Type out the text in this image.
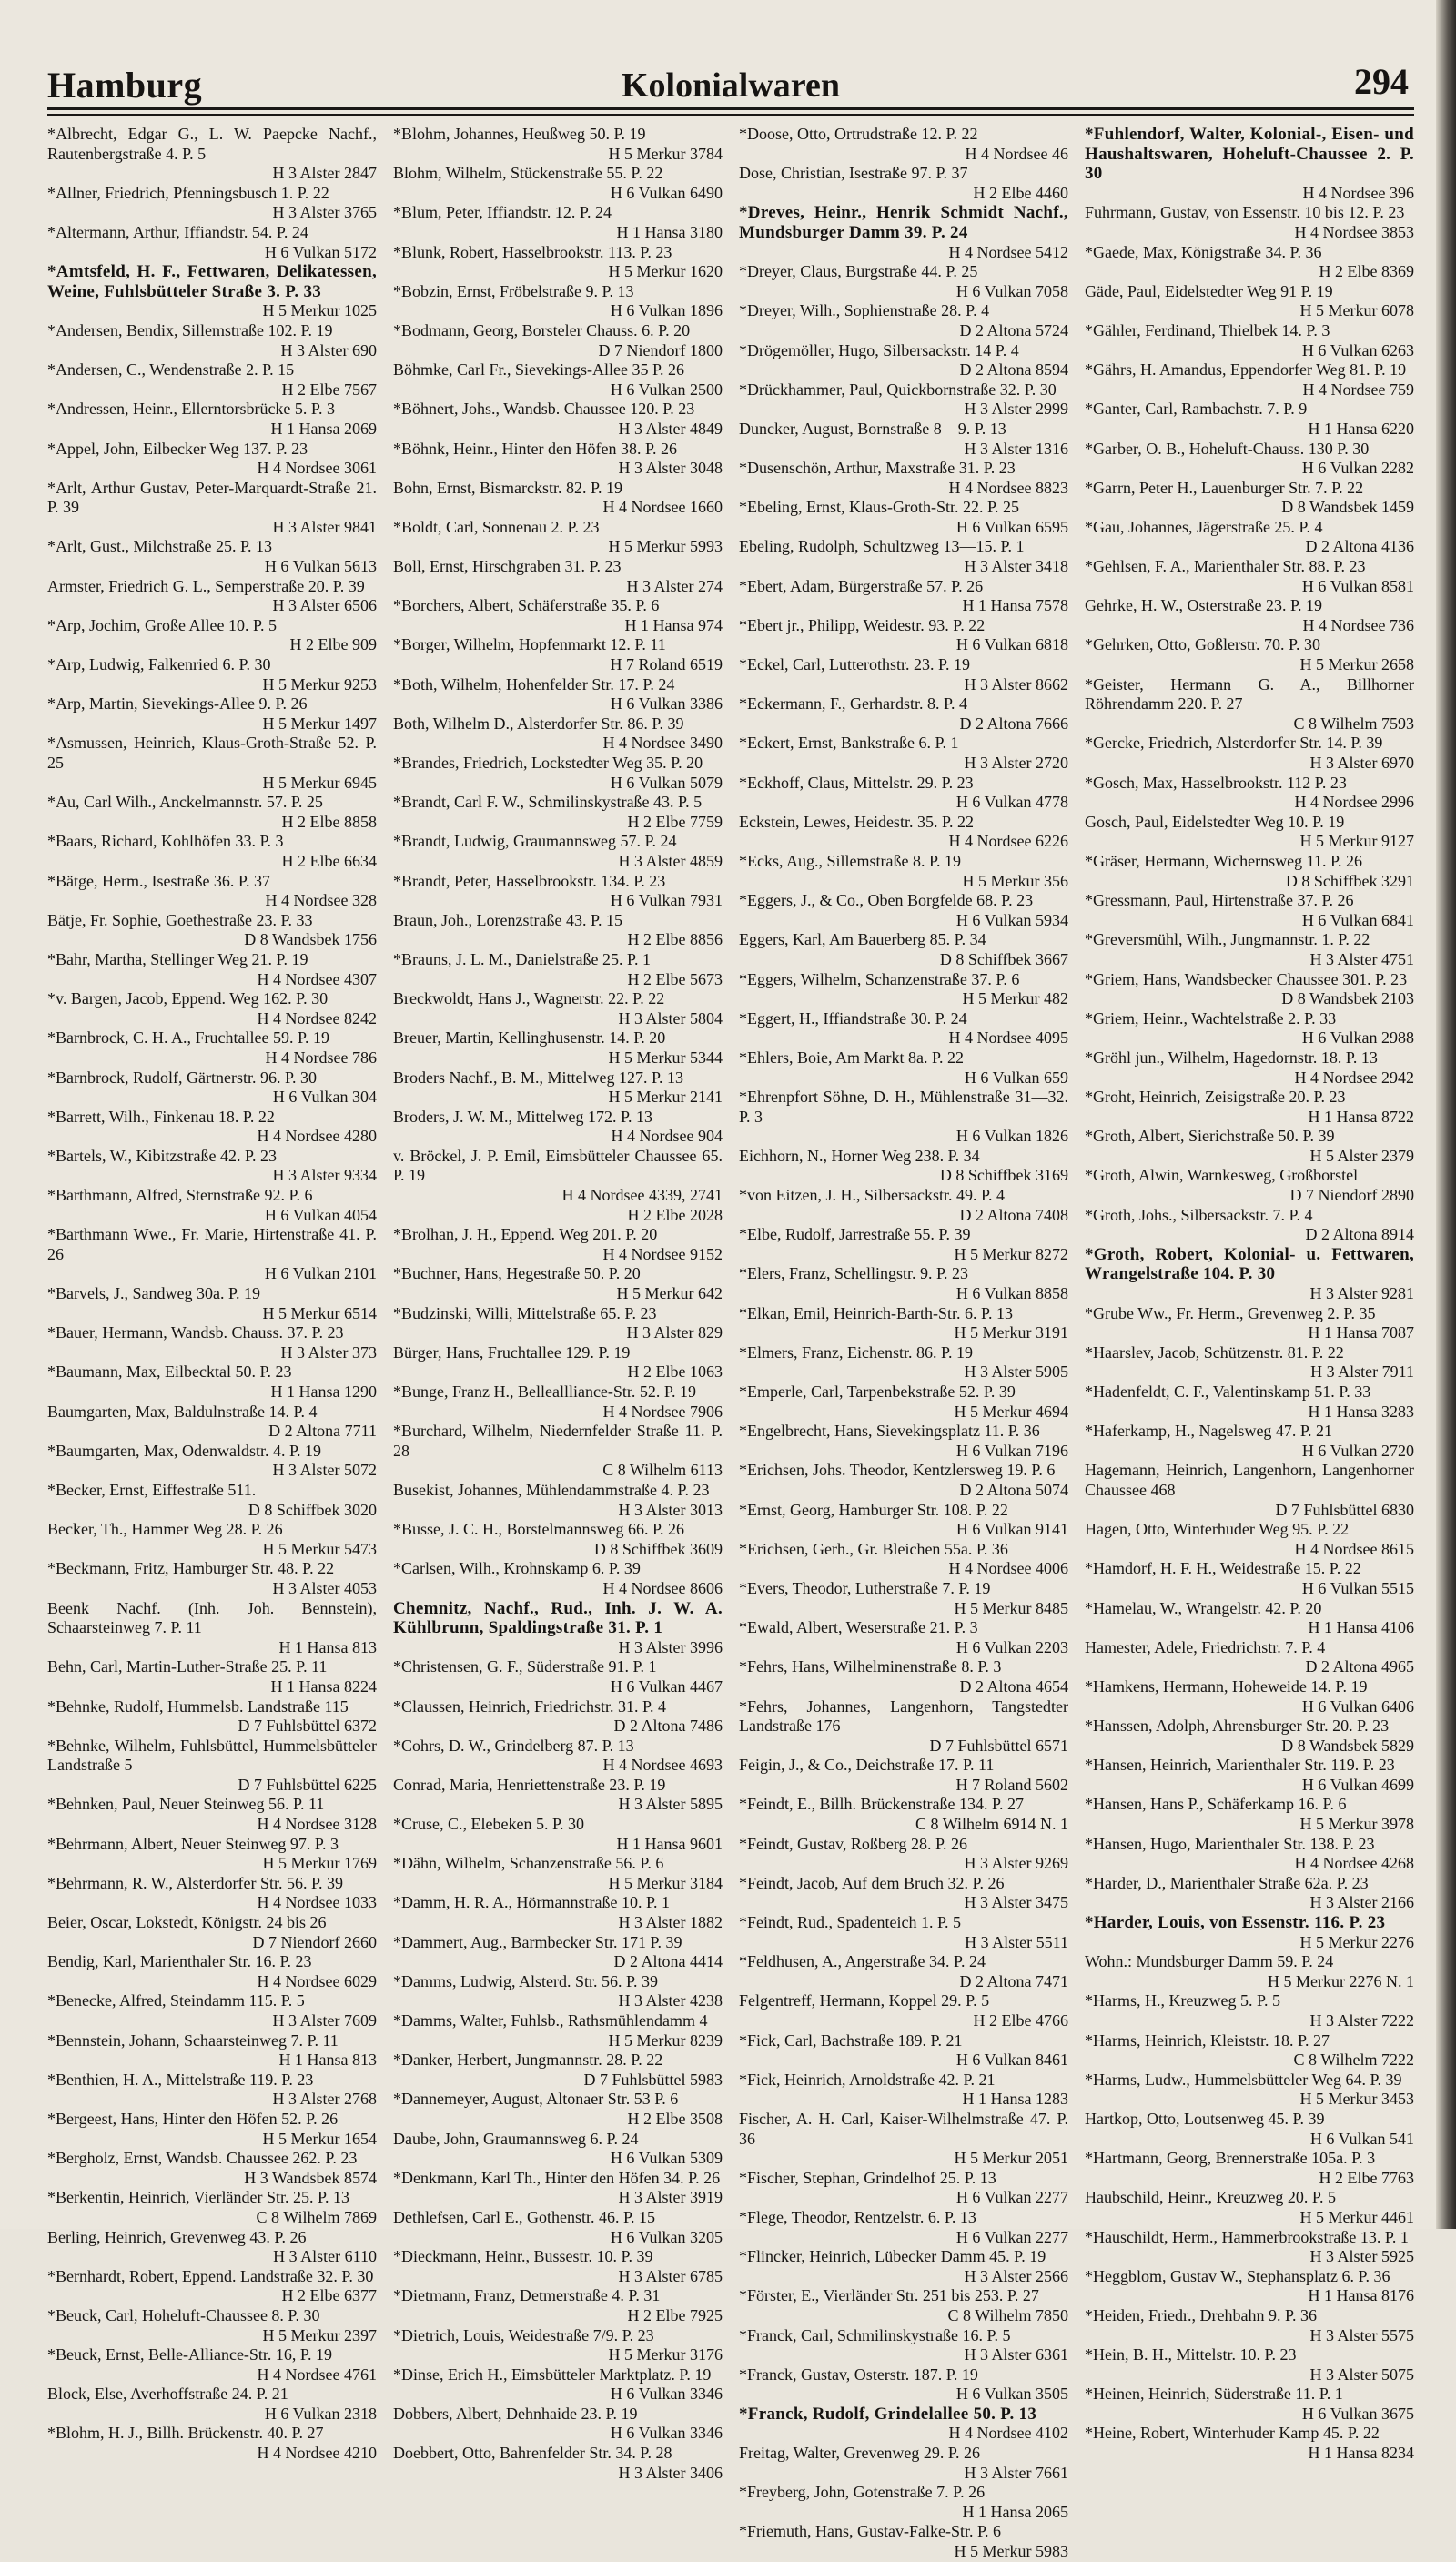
Hamburg	Kolonialwaren	294
*Albrecht, Edgar G., L. W. Paepcke Nachf., Rautenbergstraße 4. P. 5
H 3 Alster 2847
*Allner, Friedrich, Pfenningsbusch 1. P. 22
H 3 Alster 3765
*Altermann, Arthur, Iffiandstr. 54. P. 24
H 6 Vulkan 5172
*Amtsfeld, H. F., Fettwaren, Delikatessen, Weine, Fuhlsbütteler Straße 3. P. 33
H 5 Merkur 1025
*Andersen, Bendix, Sillemstraße 102. P. 19
H 3 Alster 690
*Andersen, C., Wendenstraße 2. P. 15
H 2 Elbe 7567
*Andressen, Heinr., Ellerntorsbrücke 5. P. 3
H 1 Hansa 2069
*Appel, John, Eilbecker Weg 137. P. 23
H 4 Nordsee 3061
*Arlt, Arthur Gustav, Peter-Marquardt-Straße 21. P. 39
H 3 Alster 9841
*Arlt, Gust., Milchstraße 25. P. 13
H 6 Vulkan 5613
Armster, Friedrich G. L., Semperstraße 20. P. 39
H 3 Alster 6506
*Arp, Jochim, Große Allee 10. P. 5
H 2 Elbe 909
*Arp, Ludwig, Falkenried 6. P. 30
H 5 Merkur 9253
*Arp, Martin, Sievekings-Allee 9. P. 26
H 5 Merkur 1497
*Asmussen, Heinrich, Klaus-Groth-Straße 52. P. 25
H 5 Merkur 6945
*Au, Carl Wilh., Anckelmannstr. 57. P. 25
H 2 Elbe 8858
*Baars, Richard, Kohlhöfen 33. P. 3
H 2 Elbe 6634
*Bätge, Herm., Isestraße 36. P. 37
H 4 Nordsee 328
Bätje, Fr. Sophie, Goethestraße 23. P. 33
D 8 Wandsbek 1756
*Bahr, Martha, Stellinger Weg 21. P. 19
H 4 Nordsee 4307
*v. Bargen, Jacob, Eppend. Weg 162. P. 30
H 4 Nordsee 8242
*Barnbrock, C. H. A., Fruchtallee 59. P. 19
H 4 Nordsee 786
*Barnbrock, Rudolf, Gärtnerstr. 96. P. 30
H 6 Vulkan 304
*Barrett, Wilh., Finkenau 18. P. 22
H 4 Nordsee 4280
*Bartels, W., Kibitzstraße 42. P. 23
H 3 Alster 9334
*Barthmann, Alfred, Sternstraße 92. P. 6
H 6 Vulkan 4054
*Barthmann Wwe., Fr. Marie, Hirtenstraße 41. P. 26
H 6 Vulkan 2101
*Barvels, J., Sandweg 30a. P. 19
H 5 Merkur 6514
*Bauer, Hermann, Wandsb. Chauss. 37. P. 23
H 3 Alster 373
*Baumann, Max, Eilbecktal 50. P. 23
H 1 Hansa 1290
Baumgarten, Max, Baldulnstraße 14. P. 4
D 2 Altona 7711
*Baumgarten, Max, Odenwaldstr. 4. P. 19
H 3 Alster 5072
*Becker, Ernst, Eiffestraße 511.
D 8 Schiffbek 3020
Becker, Th., Hammer Weg 28. P. 26
H 5 Merkur 5473
*Beckmann, Fritz, Hamburger Str. 48. P. 22
H 3 Alster 4053
Beenk Nachf. (Inh. Joh. Bennstein), Schaarsteinweg 7. P. 11
H 1 Hansa 813
Behn, Carl, Martin-Luther-Straße 25. P. 11
H 1 Hansa 8224
*Behnke, Rudolf, Hummelsb. Landstraße 115
D 7 Fuhlsbüttel 6372
*Behnke, Wilhelm, Fuhlsbüttel, Hummelsbütteler Landstraße 5
D 7 Fuhlsbüttel 6225
*Behnken, Paul, Neuer Steinweg 56. P. 11
H 4 Nordsee 3128
*Behrmann, Albert, Neuer Steinweg 97. P. 3
H 5 Merkur 1769
*Behrmann, R. W., Alsterdorfer Str. 56. P. 39
H 4 Nordsee 1033
Beier, Oscar, Lokstedt, Königstr. 24 bis 26
D 7 Niendorf 2660
Bendig, Karl, Marienthaler Str. 16. P. 23
H 4 Nordsee 6029
*Benecke, Alfred, Steindamm 115. P. 5
H 3 Alster 7609
*Bennstein, Johann, Schaarsteinweg 7. P. 11
H 1 Hansa 813
*Benthien, H. A., Mittelstraße 119. P. 23
H 3 Alster 2768
*Bergeest, Hans, Hinter den Höfen 52. P. 26
H 5 Merkur 1654
*Bergholz, Ernst, Wandsb. Chaussee 262. P. 23
H 3 Wandsbek 8574
*Berkentin, Heinrich, Vierländer Str. 25. P. 13
C 8 Wilhelm 7869
Berling, Heinrich, Grevenweg 43. P. 26
H 3 Alster 6110
*Bernhardt, Robert, Eppend. Landstraße 32. P. 30
H 2 Elbe 6377
*Beuck, Carl, Hoheluft-Chaussee 8. P. 30
H 5 Merkur 2397
*Beuck, Ernst, Belle-Alliance-Str. 16, P. 19
H 4 Nordsee 4761
Block, Else, Averhoffstraße 24. P. 21
H 6 Vulkan 2318
*Blohm, H. J., Billh. Brückenstr. 40. P. 27
H 4 Nordsee 4210
*Blohm, Johannes, Heußweg 50. P. 19
H 5 Merkur 3784
Blohm, Wilhelm, Stückenstraße 55. P. 22
H 6 Vulkan 6490
*Blum, Peter, Iffiandstr. 12. P. 24
H 1 Hansa 3180
*Blunk, Robert, Hasselbrookstr. 113. P. 23
H 5 Merkur 1620
*Bobzin, Ernst, Fröbelstraße 9. P. 13
H 6 Vulkan 1896
*Bodmann, Georg, Borsteler Chauss. 6. P. 20
D 7 Niendorf 1800
Böhmke, Carl Fr., Sievekings-Allee 35 P. 26
H 6 Vulkan 2500
*Böhnert, Johs., Wandsb. Chaussee 120. P. 23
H 3 Alster 4849
*Böhnk, Heinr., Hinter den Höfen 38. P. 26
H 3 Alster 3048
Bohn, Ernst, Bismarckstr. 82. P. 19
H 4 Nordsee 1660
*Boldt, Carl, Sonnenau 2. P. 23
H 5 Merkur 5993
Boll, Ernst, Hirschgraben 31. P. 23
H 3 Alster 274
*Borchers, Albert, Schäferstraße 35. P. 6
H 1 Hansa 974
*Borger, Wilhelm, Hopfenmarkt 12. P. 11
H 7 Roland 6519
*Both, Wilhelm, Hohenfelder Str. 17. P. 24
H 6 Vulkan 3386
Both, Wilhelm D., Alsterdorfer Str. 86. P. 39
H 4 Nordsee 3490
*Brandes, Friedrich, Lockstedter Weg 35. P. 20
H 6 Vulkan 5079
*Brandt, Carl F. W., Schmilinskystraße 43. P. 5
H 2 Elbe 7759
*Brandt, Ludwig, Graumannsweg 57. P. 24
H 3 Alster 4859
*Brandt, Peter, Hasselbrookstr. 134. P. 23
H 6 Vulkan 7931
Braun, Joh., Lorenzstraße 43. P. 15
H 2 Elbe 8856
*Brauns, J. L. M., Danielstraße 25. P. 1
H 2 Elbe 5673
Breckwoldt, Hans J., Wagnerstr. 22. P. 22
H 3 Alster 5804
Breuer, Martin, Kellinghusenstr. 14. P. 20
H 5 Merkur 5344
Broders Nachf., B. M., Mittelweg 127. P. 13
H 5 Merkur 2141
Broders, J. W. M., Mittelweg 172. P. 13
H 4 Nordsee 904
v. Bröckel, J. P. Emil, Eimsbütteler Chaussee 65. P. 19
H 4 Nordsee 4339, 2741
H 2 Elbe 2028
*Brolhan, J. H., Eppend. Weg 201. P. 20
H 4 Nordsee 9152
*Buchner, Hans, Hegestraße 50. P. 20
H 5 Merkur 642
*Budzinski, Willi, Mittelstraße 65. P. 23
H 3 Alster 829
Bürger, Hans, Fruchtallee 129. P. 19
H 2 Elbe 1063
*Bunge, Franz H., Belleallliance-Str. 52. P. 19
H 4 Nordsee 7906
*Burchard, Wilhelm, Niedernfelder Straße 11. P. 28
C 8 Wilhelm 6113
Busekist, Johannes, Mühlendammstraße 4. P. 23
H 3 Alster 3013
*Busse, J. C. H., Borstelmannsweg 66. P. 26
D 8 Schiffbek 3609
*Carlsen, Wilh., Krohnskamp 6. P. 39
H 4 Nordsee 8606
Chemnitz, Nachf., Rud., Inh. J. W. A. Kühlbrunn, Spaldingstraße 31. P. 1
H 3 Alster 3996
*Christensen, G. F., Süderstraße 91. P. 1
H 6 Vulkan 4467
*Claussen, Heinrich, Friedrichstr. 31. P. 4
D 2 Altona 7486
*Cohrs, D. W., Grindelberg 87. P. 13
H 4 Nordsee 4693
Conrad, Maria, Henriettenstraße 23. P. 19
H 3 Alster 5895
*Cruse, C., Elebeken 5. P. 30
H 1 Hansa 9601
*Dähn, Wilhelm, Schanzenstraße 56. P. 6
H 5 Merkur 3184
*Damm, H. R. A., Hörmannstraße 10. P. 1
H 3 Alster 1882
*Dammert, Aug., Barmbecker Str. 171 P. 39
D 2 Altona 4414
*Damms, Ludwig, Alsterd. Str. 56. P. 39
H 3 Alster 4238
*Damms, Walter, Fuhlsb., Rathsmühlendamm 4
H 5 Merkur 8239
*Danker, Herbert, Jungmannstr. 28. P. 22
D 7 Fuhlsbüttel 5983
*Dannemeyer, August, Altonaer Str. 53 P. 6
H 2 Elbe 3508
Daube, John, Graumannsweg 6. P. 24
H 6 Vulkan 5309
*Denkmann, Karl Th., Hinter den Höfen 34. P. 26
H 3 Alster 3919
Dethlefsen, Carl E., Gothenstr. 46. P. 15
H 6 Vulkan 3205
*Dieckmann, Heinr., Bussestr. 10. P. 39
H 3 Alster 6785
*Dietmann, Franz, Detmerstraße 4. P. 31
H 2 Elbe 7925
*Dietrich, Louis, Weidestraße 7/9. P. 23
H 5 Merkur 3176
*Dinse, Erich H., Eimsbütteler Marktplatz. P. 19
H 6 Vulkan 3346
Dobbers, Albert, Dehnhaide 23. P. 19
H 6 Vulkan 3346
Doebbert, Otto, Bahrenfelder Str. 34. P. 28
H 3 Alster 3406
*Doose, Otto, Ortrudstraße 12. P. 22
H 4 Nordsee 46
Dose, Christian, Isestraße 97. P. 37
H 2 Elbe 4460
*Dreves, Heinr., Henrik Schmidt Nachf., Mundsburger Damm 39. P. 24
H 4 Nordsee 5412
*Dreyer, Claus, Burgstraße 44. P. 25
H 6 Vulkan 7058
*Dreyer, Wilh., Sophienstraße 28. P. 4
D 2 Altona 5724
*Drögemöller, Hugo, Silbersackstr. 14 P. 4
D 2 Altona 8594
*Drückhammer, Paul, Quickbornstraße 32. P. 30
H 3 Alster 2999
Duncker, August, Bornstraße 8—9. P. 13
H 3 Alster 1316
*Dusenschön, Arthur, Maxstraße 31. P. 23
H 4 Nordsee 8823
*Ebeling, Ernst, Klaus-Groth-Str. 22. P. 25
H 6 Vulkan 6595
Ebeling, Rudolph, Schultzweg 13—15. P. 1
H 3 Alster 3418
*Ebert, Adam, Bürgerstraße 57. P. 26
H 1 Hansa 7578
*Ebert jr., Philipp, Weidestr. 93. P. 22
H 6 Vulkan 6818
*Eckel, Carl, Lutterothstr. 23. P. 19
H 3 Alster 8662
*Eckermann, F., Gerhardstr. 8. P. 4
D 2 Altona 7666
*Eckert, Ernst, Bankstraße 6. P. 1
H 3 Alster 2720
*Eckhoff, Claus, Mittelstr. 29. P. 23
H 6 Vulkan 4778
Eckstein, Lewes, Heidestr. 35. P. 22
H 4 Nordsee 6226
*Ecks, Aug., Sillemstraße 8. P. 19
H 5 Merkur 356
*Eggers, J., & Co., Oben Borgfelde 68. P. 23
H 6 Vulkan 5934
Eggers, Karl, Am Bauerberg 85. P. 34
D 8 Schiffbek 3667
*Eggers, Wilhelm, Schanzenstraße 37. P. 6
H 5 Merkur 482
*Eggert, H., Iffiandstraße 30. P. 24
H 4 Nordsee 4095
*Ehlers, Boie, Am Markt 8a. P. 22
H 6 Vulkan 659
*Ehrenpfort Söhne, D. H., Mühlenstraße 31—32. P. 3
H 6 Vulkan 1826
Eichhorn, N., Horner Weg 238. P. 34
D 8 Schiffbek 3169
*von Eitzen, J. H., Silbersackstr. 49. P. 4
D 2 Altona 7408
*Elbe, Rudolf, Jarrestraße 55. P. 39
H 5 Merkur 8272
*Elers, Franz, Schellingstr. 9. P. 23
H 6 Vulkan 8858
*Elkan, Emil, Heinrich-Barth-Str. 6. P. 13
H 5 Merkur 3191
*Elmers, Franz, Eichenstr. 86. P. 19
H 3 Alster 5905
*Emperle, Carl, Tarpenbekstraße 52. P. 39
H 5 Merkur 4694
*Engelbrecht, Hans, Sievekingsplatz 11. P. 36
H 6 Vulkan 7196
*Erichsen, Johs. Theodor, Kentzlersweg 19. P. 6
D 2 Altona 5074
*Ernst, Georg, Hamburger Str. 108. P. 22
H 6 Vulkan 9141
*Erichsen, Gerh., Gr. Bleichen 55a. P. 36
H 4 Nordsee 4006
*Evers, Theodor, Lutherstraße 7. P. 19
H 5 Merkur 8485
*Ewald, Albert, Weserstraße 21. P. 3
H 6 Vulkan 2203
*Fehrs, Hans, Wilhelminenstraße 8. P. 3
D 2 Altona 4654
*Fehrs, Johannes, Langenhorn, Tangstedter Landstraße 176
D 7 Fuhlsbüttel 6571
Feigin, J., & Co., Deichstraße 17. P. 11
H 7 Roland 5602
*Feindt, E., Billh. Brückenstraße 134. P. 27
C 8 Wilhelm 6914 N. 1
*Feindt, Gustav, Roßberg 28. P. 26
H 3 Alster 9269
*Feindt, Jacob, Auf dem Bruch 32. P. 26
H 3 Alster 3475
*Feindt, Rud., Spadenteich 1. P. 5
H 3 Alster 5511
*Feldhusen, A., Angerstraße 34. P. 24
D 2 Altona 7471
Felgentreff, Hermann, Koppel 29. P. 5
H 2 Elbe 4766
*Fick, Carl, Bachstraße 189. P. 21
H 6 Vulkan 8461
*Fick, Heinrich, Arnoldstraße 42. P. 21
H 1 Hansa 1283
Fischer, A. H. Carl, Kaiser-Wilhelmstraße 47. P. 36
H 5 Merkur 2051
*Fischer, Stephan, Grindelhof 25. P. 13
H 6 Vulkan 2277
*Flege, Theodor, Rentzelstr. 6. P. 13
H 6 Vulkan 2277
*Flincker, Heinrich, Lübecker Damm 45. P. 19
H 3 Alster 2566
*Förster, E., Vierländer Str. 251 bis 253. P. 27
C 8 Wilhelm 7850
*Franck, Carl, Schmilinskystraße 16. P. 5
H 3 Alster 6361
*Franck, Gustav, Osterstr. 187. P. 19
H 6 Vulkan 3505
*Franck, Rudolf, Grindelallee 50. P. 13
H 4 Nordsee 4102
Freitag, Walter, Grevenweg 29. P. 26
H 3 Alster 7661
*Freyberg, John, Gotenstraße 7. P. 26
H 1 Hansa 2065
*Friemuth, Hans, Gustav-Falke-Str. P. 6
H 5 Merkur 5983
*Fuhlendorf, Walter, Kolonial-, Eisen- und Haushaltswaren, Hoheluft-Chaussee 2. P. 30
H 4 Nordsee 396
Fuhrmann, Gustav, von Essenstr. 10 bis 12. P. 23
H 4 Nordsee 3853
*Gaede, Max, Königstraße 34. P. 36
H 2 Elbe 8369
Gäde, Paul, Eidelstedter Weg 91 P. 19
H 5 Merkur 6078
*Gähler, Ferdinand, Thielbek 14. P. 3
H 6 Vulkan 6263
*Gährs, H. Amandus, Eppendorfer Weg 81. P. 19
H 4 Nordsee 759
*Ganter, Carl, Rambachstr. 7. P. 9
H 1 Hansa 6220
*Garber, O. B., Hoheluft-Chauss. 130 P. 30
H 6 Vulkan 2282
*Garrn, Peter H., Lauenburger Str. 7. P. 22
D 8 Wandsbek 1459
*Gau, Johannes, Jägerstraße 25. P. 4
D 2 Altona 4136
*Gehlsen, F. A., Marienthaler Str. 88. P. 23
H 6 Vulkan 8581
Gehrke, H. W., Osterstraße 23. P. 19
H 4 Nordsee 736
*Gehrken, Otto, Goßlerstr. 70. P. 30
H 5 Merkur 2658
*Geister, Hermann G. A., Billhorner Röhrendamm 220. P. 27
C 8 Wilhelm 7593
*Gercke, Friedrich, Alsterdorfer Str. 14. P. 39
H 3 Alster 6970
*Gosch, Max, Hasselbrookstr. 112 P. 23
H 4 Nordsee 2996
Gosch, Paul, Eidelstedter Weg 10. P. 19
H 5 Merkur 9127
*Gräser, Hermann, Wichernsweg 11. P. 26
D 8 Schiffbek 3291
*Gressmann, Paul, Hirtenstraße 37. P. 26
H 6 Vulkan 6841
*Greversmühl, Wilh., Jungmannstr. 1. P. 22
H 3 Alster 4751
*Griem, Hans, Wandsbecker Chaussee 301. P. 23
D 8 Wandsbek 2103
*Griem, Heinr., Wachtelstraße 2. P. 33
H 6 Vulkan 2988
*Gröhl jun., Wilhelm, Hagedornstr. 18. P. 13
H 4 Nordsee 2942
*Groht, Heinrich, Zeisigstraße 20. P. 23
H 1 Hansa 8722
*Groth, Albert, Sierichstraße 50. P. 39
H 5 Alster 2379
*Groth, Alwin, Warnkesweg, Großborstel
D 7 Niendorf 2890
*Groth, Johs., Silbersackstr. 7. P. 4
D 2 Altona 8914
*Groth, Robert, Kolonial- u. Fettwaren, Wrangelstraße 104. P. 30
H 3 Alster 9281
*Grube Ww., Fr. Herm., Grevenweg 2. P. 35
H 1 Hansa 7087
*Haarslev, Jacob, Schützenstr. 81. P. 22
H 3 Alster 7911
*Hadenfeldt, C. F., Valentinskamp 51. P. 33
H 1 Hansa 3283
*Haferkamp, H., Nagelsweg 47. P. 21
H 6 Vulkan 2720
Hagemann, Heinrich, Langenhorn, Langenhorner Chaussee 468
D 7 Fuhlsbüttel 6830
Hagen, Otto, Winterhuder Weg 95. P. 22
H 4 Nordsee 8615
*Hamdorf, H. F. H., Weidestraße 15. P. 22
H 6 Vulkan 5515
*Hamelau, W., Wrangelstr. 42. P. 20
H 1 Hansa 4106
Hamester, Adele, Friedrichstr. 7. P. 4
D 2 Altona 4965
*Hamkens, Hermann, Hoheweide 14. P. 19
H 6 Vulkan 6406
*Hanssen, Adolph, Ahrensburger Str. 20. P. 23
D 8 Wandsbek 5829
*Hansen, Heinrich, Marienthaler Str. 119. P. 23
H 6 Vulkan 4699
*Hansen, Hans P., Schäferkamp 16. P. 6
H 5 Merkur 3978
*Hansen, Hugo, Marienthaler Str. 138. P. 23
H 4 Nordsee 4268
*Harder, D., Marienthaler Straße 62a. P. 23
H 3 Alster 2166
*Harder, Louis, von Essenstr. 116. P. 23
H 5 Merkur 2276
Wohn.: Mundsburger Damm 59. P. 24
H 5 Merkur 2276 N. 1
*Harms, H., Kreuzweg 5. P. 5
H 3 Alster 7222
*Harms, Heinrich, Kleiststr. 18. P. 27
C 8 Wilhelm 7222
*Harms, Ludw., Hummelsbütteler Weg 64. P. 39
H 5 Merkur 3453
Hartkop, Otto, Loutsenweg 45. P. 39
H 6 Vulkan 541
*Hartmann, Georg, Brennerstraße 105a. P. 3
H 2 Elbe 7763
Haubschild, Heinr., Kreuzweg 20. P. 5
H 5 Merkur 4461
*Hauschildt, Herm., Hammerbrookstraße 13. P. 1
H 3 Alster 5925
*Heggblom, Gustav W., Stephansplatz 6. P. 36
H 1 Hansa 8176
*Heiden, Friedr., Drehbahn 9. P. 36
H 3 Alster 5575
*Hein, B. H., Mittelstr. 10. P. 23
H 3 Alster 5075
*Heinen, Heinrich, Süderstraße 11. P. 1
H 6 Vulkan 3675
*Heine, Robert, Winterhuder Kamp 45. P. 22
H 1 Hansa 8234
